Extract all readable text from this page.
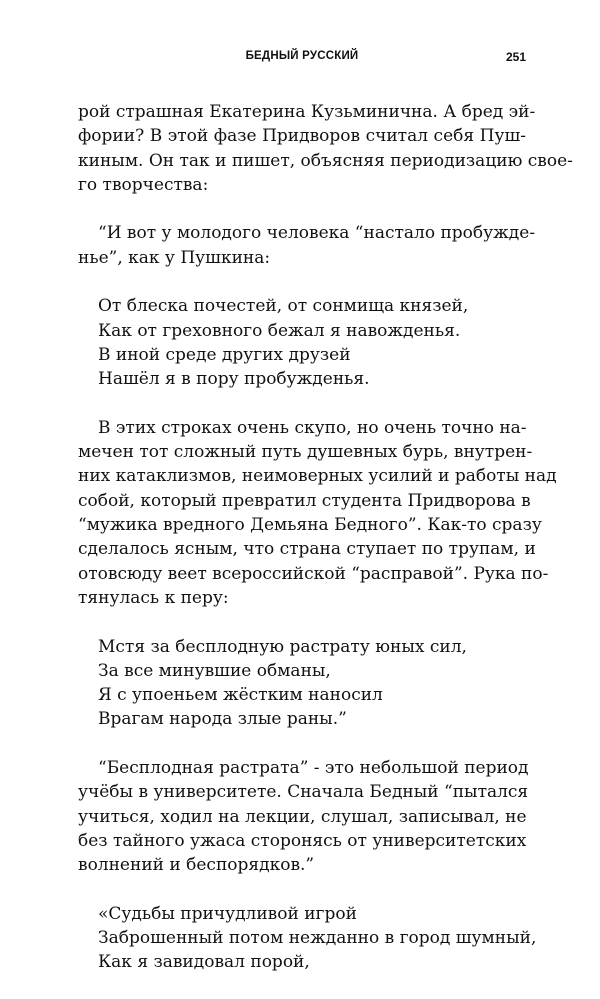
БЕДНЫЙ РУССКИЙ	251

рой страшная Екатерина Кузьминична. А бред эй-
фории? В этой фазе Придворов считал себя Пуш-
киным. Он так и пишет, объясняя периодизацию свое-
го творчества:

“И вот у молодого человека “настало пробужде-
нье”, как у Пушкина:

От блеска почестей, от сонмища князей,
Как от греховного бежал я навожденья.
В иной среде других друзей
Нашёл я в пору пробужденья.

В этих строках очень скупо, но очень точно на-
мечен тот сложный путь душевных бурь, внутрен-
них катаклизмов, неимоверных усилий и работы над
собой, который превратил студента Придворова в
“мужика вредного Демьяна Бедного”. Как-то сразу
сделалось ясным, что страна ступает по трупам, и
отовсюду веет всероссийской “расправой”. Рука по-
тянулась к перу:

Мстя за бесплодную растрату юных сил,
За все минувшие обманы,
Я с упоеньем жёстким наносил
Врагам народа злые раны.”

“Бесплодная растрата” - это небольшой период
учёбы в университете. Сначала Бедный “пытался
учиться, ходил на лекции, слушал, записывал, не
без тайного ужаса сторонясь от университетских
волнений и беспорядков.”

«Судьбы причудливой игрой
Заброшенный потом нежданно в город шумный,
Как я завидовал порой,
